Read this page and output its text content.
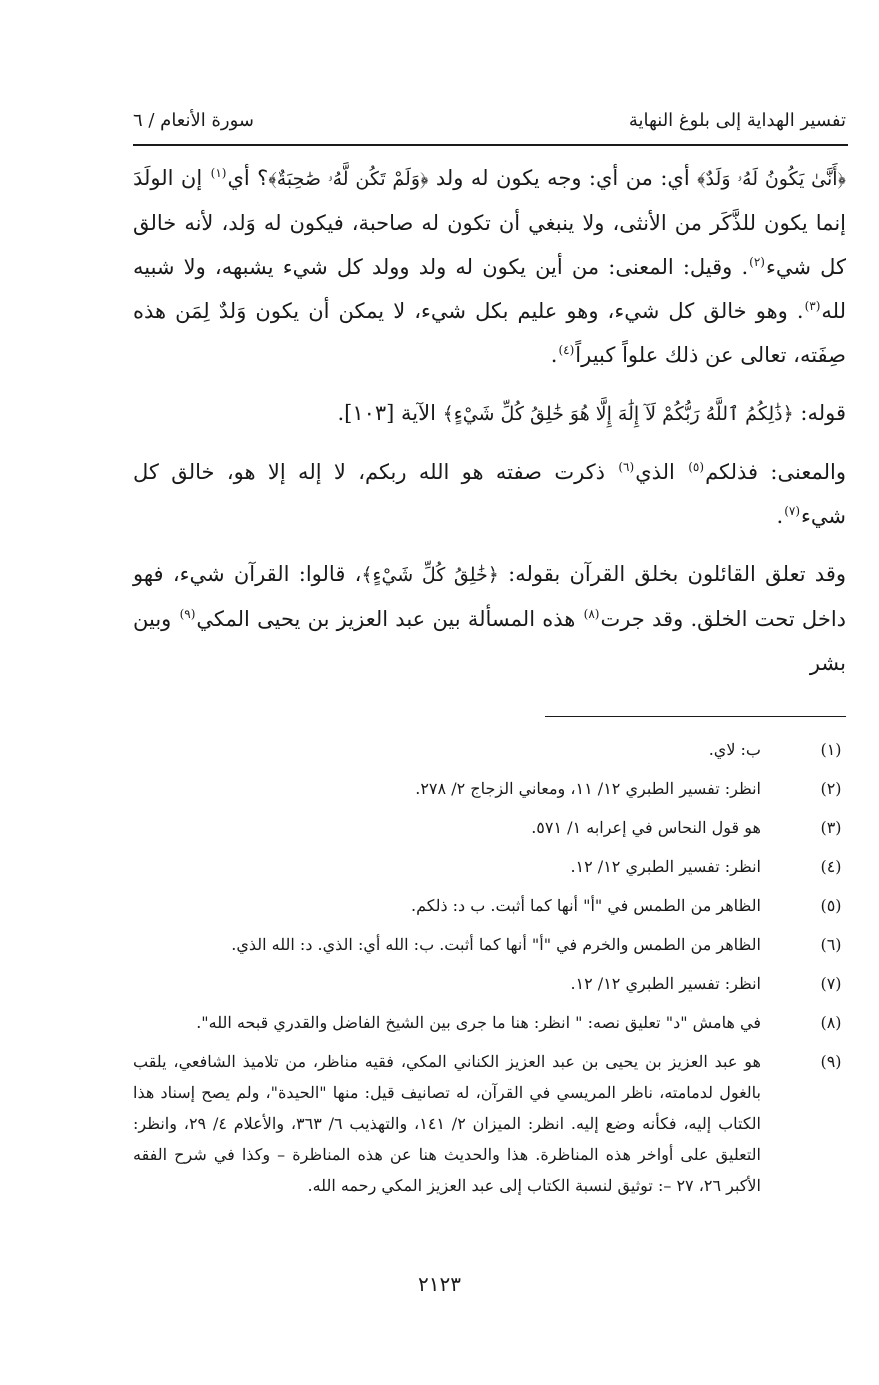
تفسير الهداية إلى بلوغ النهاية
سورة الأنعام / ٦

﴿أَنَّىٰ يَكُونُ لَهُۥ وَلَدٌ﴾ أي: من أي: وجه يكون له ولد ﴿وَلَمْ تَكُن لَّهُۥ صَٰحِبَةٌ﴾؟ أي$^{(١)}$ إن الولَدَ إنما يكون للذَّكَر من الأنثى، ولا ينبغي أن تكون له صاحبة، فيكون له وَلد، لأنه خالق كل شيء$^{(٢)}$. وقيل: المعنى: من أين يكون له ولد وولد كل شيء يشبهه، ولا شبيه لله$^{(٣)}$. وهو خالق كل شيء، وهو عليم بكل شيء، لا يمكن أن يكون وَلدٌ لِمَن هذه صِفَته، تعالى عن ذلك علواً كبيراً$^{(٤)}$.

قوله: ﴿ذَٰلِكُمُ ٱللَّهُ رَبُّكُمْ لَآ إِلَٰهَ إِلَّا هُوَ خَٰلِقُ كُلِّ شَيْءٍ﴾ الآية [١٠٣].

والمعنى: فذلكم$^{(٥)}$ الذي$^{(٦)}$ ذكرت صفته هو الله ربكم، لا إله إلا هو، خالق كل شيء$^{(٧)}$.

وقد تعلق القائلون بخلق القرآن بقوله: ﴿خَٰلِقُ كُلِّ شَيْءٍ﴾، قالوا: القرآن شيء، فهو داخل تحت الخلق. وقد جرت$^{(٨)}$ هذه المسألة بين عبد العزيز بن يحيى المكي$^{(٩)}$ وبين بشر

(١)
ب: لاي.
(٢)
انظر: تفسير الطبري ١٢/ ١١، ومعاني الزجاج ٢/ ٢٧٨.
(٣)
هو قول النحاس في إعرابه ١/ ٥٧١.
(٤)
انظر: تفسير الطبري ١٢/ ١٢.
(٥)
الظاهر من الطمس في "أ" أنها كما أثبت. ب د: ذلكم.
(٦)
الظاهر من الطمس والخرم في "أ" أنها كما أثبت. ب: الله أي: الذي. د: الله الذي.
(٧)
انظر: تفسير الطبري ١٢/ ١٢.
(٨)
في هامش "د" تعليق نصه: " انظر: هنا ما جرى بين الشيخ الفاضل والقدري قبحه الله".
(٩)
هو عبد العزيز بن يحيى بن عبد العزيز الكناني المكي، فقيه مناظر، من تلاميذ الشافعي، يلقب بالغول لدمامته، ناظر المريسي في القرآن، له تصانيف قيل: منها "الحيدة"، ولم يصح إسناد هذا الكتاب إليه، فكأنه وضع إليه. انظر: الميزان ٢/ ١٤١، والتهذيب ٦/ ٣٦٣، والأعلام ٤/ ٢٩، وانظر: التعليق على أواخر هذه المناظرة. هذا والحديث هنا عن هذه المناظرة – وكذا في شرح الفقه الأكبر ٢٦، ٢٧ –: توثيق لنسبة الكتاب إلى عبد العزيز المكي رحمه الله.
٢١٢٣
